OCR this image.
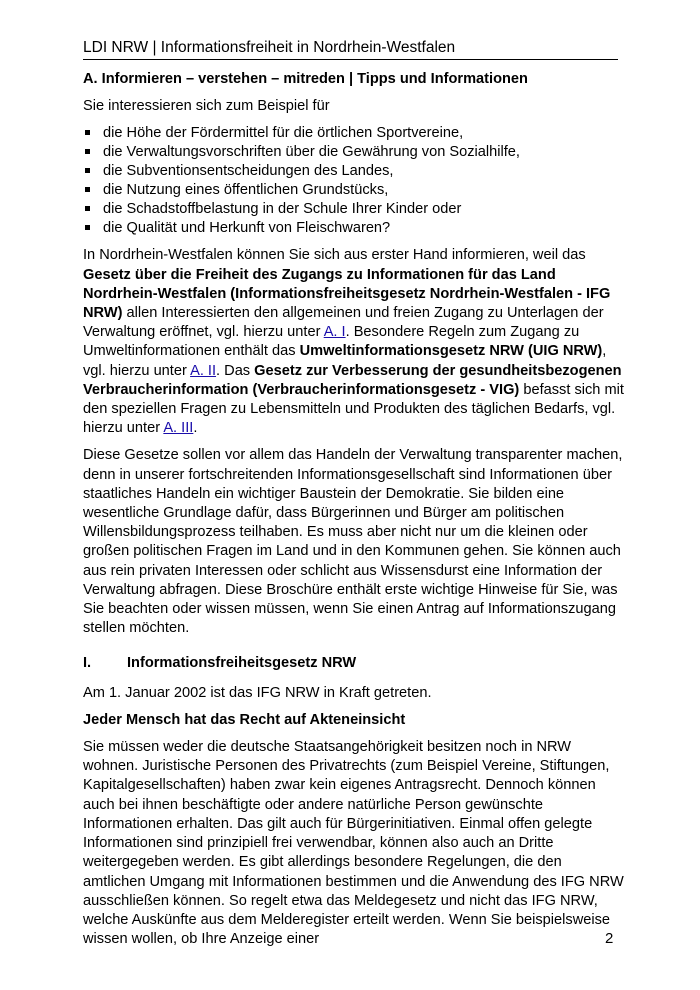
LDI NRW | Informationsfreiheit in Nordrhein-Westfalen
A. Informieren – verstehen – mitreden | Tipps und Informationen

Sie interessieren sich zum Beispiel für

die Höhe der Fördermittel für die örtlichen Sportvereine,
die Verwaltungsvorschriften über die Gewährung von Sozialhilfe,
die Subventionsentscheidungen des Landes,
die Nutzung eines öffentlichen Grundstücks,
die Schadstoffbelastung in der Schule Ihrer Kinder oder
die Qualität und Herkunft von Fleischwaren?

In Nordrhein-Westfalen können Sie sich aus erster Hand informieren, weil das Gesetz über die Freiheit des Zugangs zu Informationen für das Land Nordrhein-Westfalen (Informationsfreiheitsgesetz Nordrhein-Westfalen - IFG NRW) allen Interessierten den allgemeinen und freien Zugang zu Unterlagen der Verwaltung eröffnet, vgl. hierzu unter A. I. Besondere Regeln zum Zugang zu Umweltinformationen enthält das Umweltinformationsgesetz NRW (UIG NRW), vgl. hierzu unter A. II. Das Gesetz zur Verbesserung der gesundheitsbezogenen Verbraucherinformation (Verbraucherinformationsgesetz - VIG) befasst sich mit den speziellen Fragen zu Lebensmitteln und Produkten des täglichen Bedarfs, vgl. hierzu unter A. III.

Diese Gesetze sollen vor allem das Handeln der Verwaltung transparenter machen, denn in unserer fortschreitenden Informationsgesellschaft sind Informationen über staatliches Handeln ein wichtiger Baustein der Demokratie. Sie bilden eine wesentliche Grundlage dafür, dass Bürgerinnen und Bürger am politischen Willensbildungsprozess teilhaben. Es muss aber nicht nur um die kleinen oder großen politischen Fragen im Land und in den Kommunen gehen. Sie können auch aus rein privaten Interessen oder schlicht aus Wissensdurst eine Information der Verwaltung abfragen. Diese Broschüre enthält erste wichtige Hinweise für Sie, was Sie beachten oder wissen müssen, wenn Sie einen Antrag auf Informationszugang stellen möchten.

I.	Informationsfreiheitsgesetz NRW

Am 1. Januar 2002 ist das IFG NRW in Kraft getreten.

Jeder Mensch hat das Recht auf Akteneinsicht

Sie müssen weder die deutsche Staatsangehörigkeit besitzen noch in NRW wohnen. Juristische Personen des Privatrechts (zum Beispiel Vereine, Stiftungen, Kapitalgesellschaften) haben zwar kein eigenes Antragsrecht. Dennoch können auch bei ihnen beschäftigte oder andere natürliche Person gewünschte Informationen erhalten. Das gilt auch für Bürgerinitiativen. Einmal offen gelegte Informationen sind prinzipiell frei verwendbar, können also auch an Dritte weitergegeben werden. Es gibt allerdings besondere Regelungen, die den amtlichen Umgang mit Informationen bestimmen und die Anwendung des IFG NRW ausschließen können. So regelt etwa das Meldegesetz und nicht das IFG NRW, welche Auskünfte aus dem Melderegister erteilt werden. Wenn Sie beispielsweise wissen wollen, ob Ihre Anzeige einer	2
